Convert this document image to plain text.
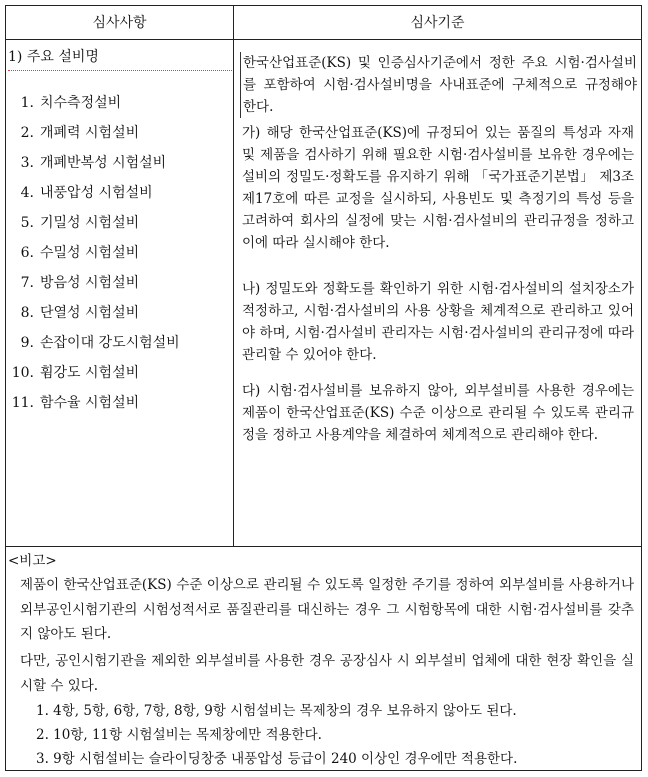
심사사항	심사기준
1) 주요 설비명
1. 치수측정설비
2. 개폐력 시험설비
3. 개폐반복성 시험설비
4. 내풍압성 시험설비
5. 기밀성 시험설비
6. 수밀성 시험설비
7. 방음성 시험설비
8. 단열성 시험설비
9. 손잡이대 강도시험설비
10. 휨강도 시험설비
11. 함수율 시험설비
한국산업표준(KS) 및 인증심사기준에서 정한 주요 시험·검사설비를 포함하여 시험·검사설비명을 사내표준에 구체적으로 규정해야 한다.
가) 해당 한국산업표준(KS)에 규정되어 있는 품질의 특성과 자재 및 제품을 검사하기 위해 필요한 시험·검사설비를 보유한 경우에는 설비의 정밀도·정확도를 유지하기 위해 「국가표준기본법」 제3조제17호에 따른 교정을 실시하되, 사용빈도 및 측정기의 특성 등을 고려하여 회사의 실정에 맞는 시험·검사설비의 관리규정을 정하고 이에 따라 실시해야 한다.
나) 정밀도와 정확도를 확인하기 위한 시험·검사설비의 설치장소가 적정하고, 시험·검사설비의 사용 상황을 체계적으로 관리하고 있어야 하며, 시험·검사설비 관리자는 시험·검사설비의 관리규정에 따라 관리할 수 있어야 한다.
다) 시험·검사설비를 보유하지 않아, 외부설비를 사용한 경우에는 제품이 한국산업표준(KS) 수준 이상으로 관리될 수 있도록 관리규정을 정하고 사용계약을 체결하여 체계적으로 관리해야 한다.
<비고>
제품이 한국산업표준(KS) 수준 이상으로 관리될 수 있도록 일정한 주기를 정하여 외부설비를 사용하거나 외부공인시험기관의 시험성적서로 품질관리를 대신하는 경우 그 시험항목에 대한 시험·검사설비를 갖추지 않아도 된다.
다만, 공인시험기관을 제외한 외부설비를 사용한 경우 공장심사 시 외부설비 업체에 대한 현장 확인을 실시할 수 있다.
1. 4항, 5항, 6항, 7항, 8항, 9항 시험설비는 목제창의 경우 보유하지 않아도 된다.
2. 10항, 11항 시험설비는 목제창에만 적용한다.
3. 9항 시험설비는 슬라이딩창중 내풍압성 등급이 240 이상인 경우에만 적용한다.
